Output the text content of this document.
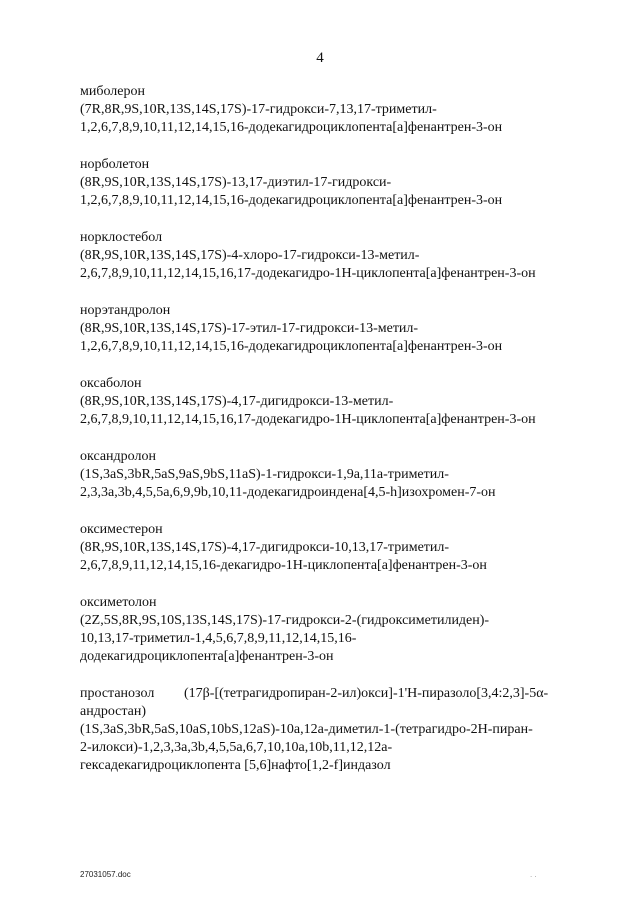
4
миболерон
(7R,8R,9S,10R,13S,14S,17S)-17-гидрокси-7,13,17-триметил-
1,2,6,7,8,9,10,11,12,14,15,16-додекагидроциклопента[а]фенантрен-3-он
норболетон
(8R,9S,10R,13S,14S,17S)-13,17-диэтил-17-гидрокси-
1,2,6,7,8,9,10,11,12,14,15,16-додекагидроциклопента[а]фенантрен-3-он
норклостебол
(8R,9S,10R,13S,14S,17S)-4-хлоро-17-гидрокси-13-метил-
2,6,7,8,9,10,11,12,14,15,16,17-додекагидро-1Н-циклопента[а]фенантрен-3-он
норэтандролон
(8R,9S,10R,13S,14S,17S)-17-этил-17-гидрокси-13-метил-
1,2,6,7,8,9,10,11,12,14,15,16-додекагидроциклопента[а]фенантрен-3-он
оксаболон
(8R,9S,10R,13S,14S,17S)-4,17-дигидрокси-13-метил-
2,6,7,8,9,10,11,12,14,15,16,17-додекагидро-1Н-циклопента[а]фенантрен-3-он
оксандролон
(1S,3aS,3bR,5aS,9aS,9bS,11aS)-1-гидрокси-1,9а,11а-триметил-
2,3,3a,3b,4,5,5a,6,9,9b,10,11-додекагидроиндена[4,5-h]изохромен-7-он
оксиместерон
(8R,9S,10R,13S,14S,17S)-4,17-дигидрокси-10,13,17-триметил-
2,6,7,8,9,11,12,14,15,16-декагидро-1Н-циклопента[а]фенантрен-3-он
оксиметолон
(2Z,5S,8R,9S,10S,13S,14S,17S)-17-гидрокси-2-(гидроксиметилиден)-
10,13,17-триметил-1,4,5,6,7,8,9,11,12,14,15,16-
додекагидроциклопента[а]фенантрен-3-он
простанозол (17β-[(тетрагидропиран-2-ил)окси]-1'Н-пиразоло[3,4:2,3]-5α-
андростан)
(1S,3aS,3bR,5aS,10aS,10bS,12aS)-10а,12а-диметил-1-(тетрагидро-2Н-пиран-
2-илокси)-1,2,3,3a,3b,4,5,5a,6,7,10,10a,10b,11,12,12a-
гексадекагидроциклопента [5,6]нафто[1,2-f]индазол
27031057.doc	. .
